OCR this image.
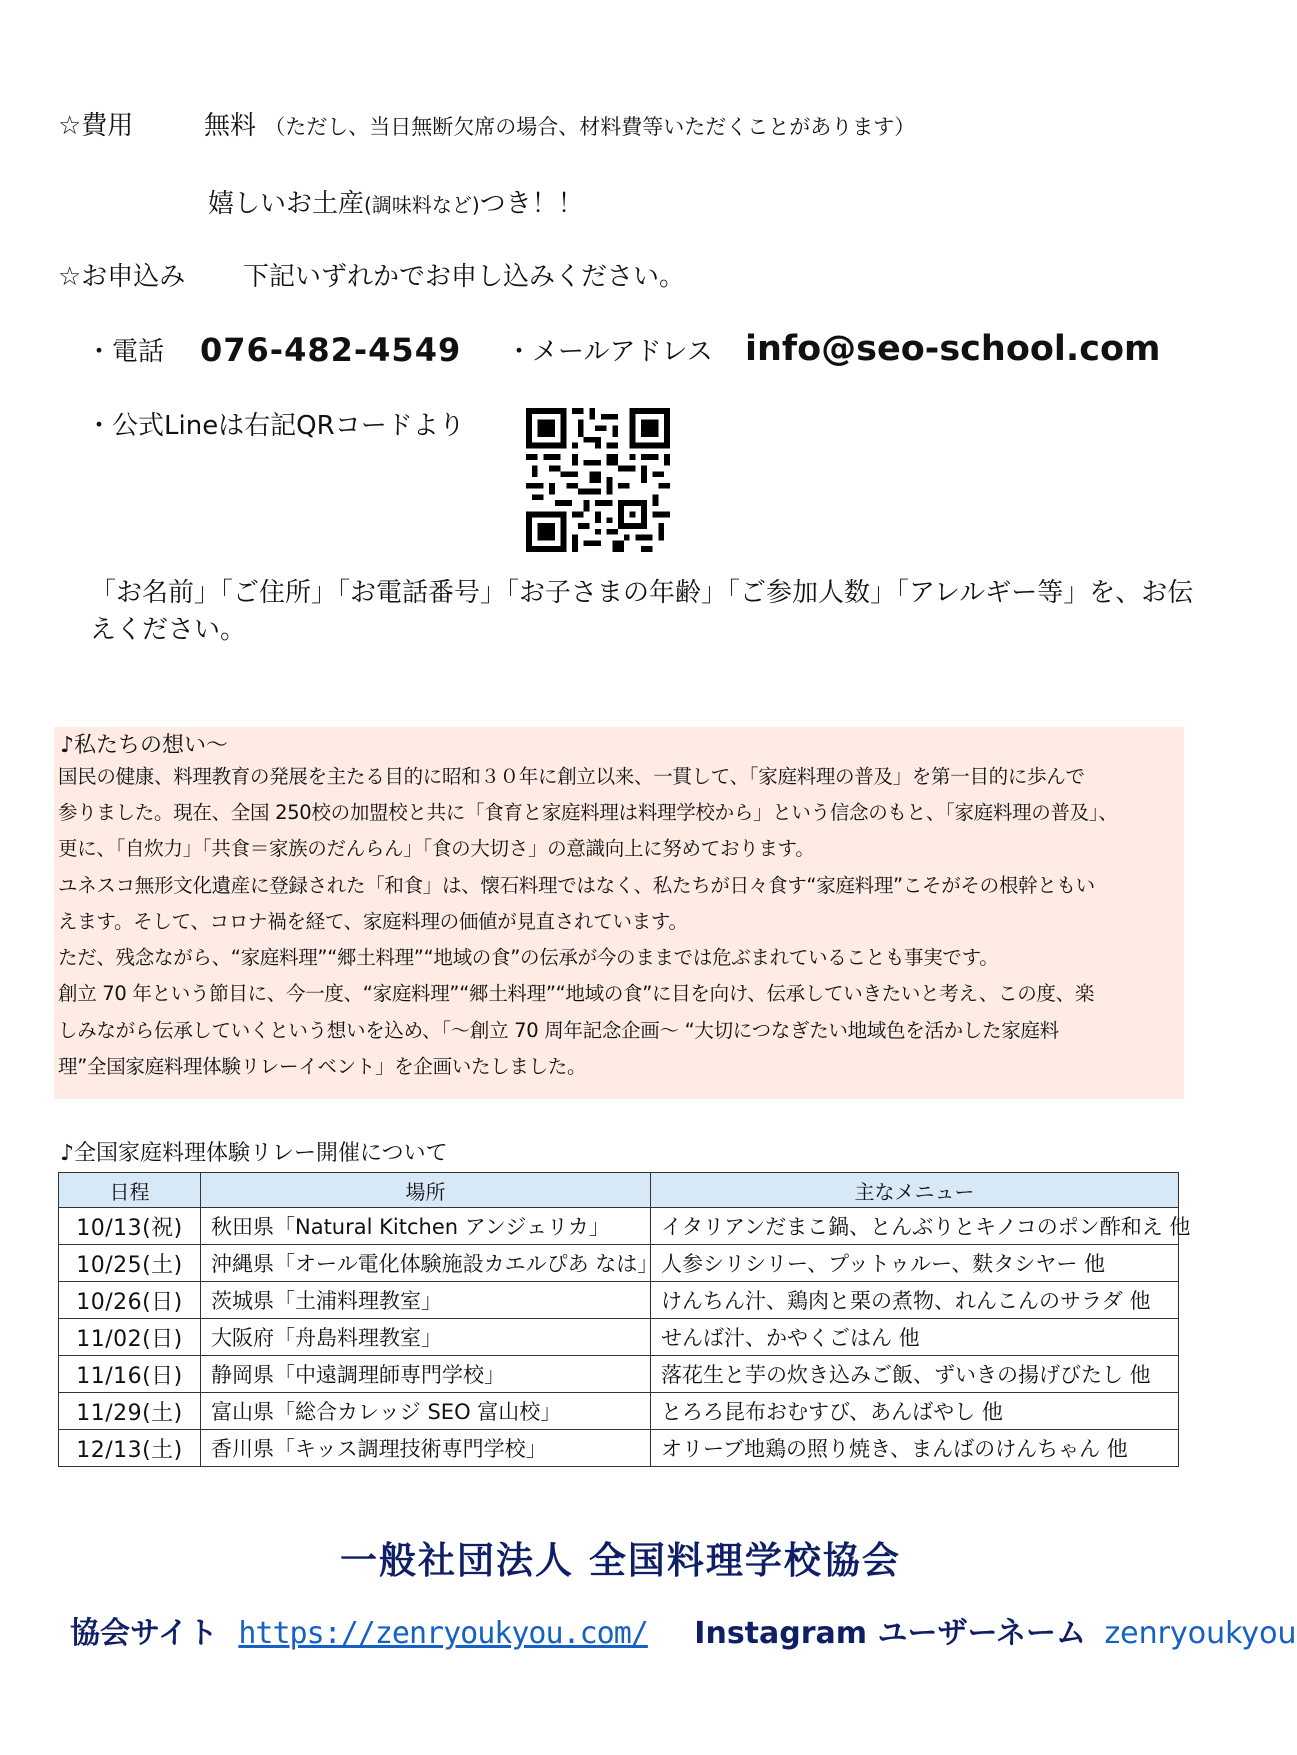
☆費用	無料 （ただし、当日無断欠席の場合、材料費等いただくことがあります）
嬉しいお土産(調味料など)つき！！
☆お申込み 下記いずれかでお申し込みください。
・電話 076-482-4549 ・メールアドレス info@seo-school.com
・公式Lineは右記QRコードより
「お名前」「ご住所」「お電話番号」「お子さまの年齢」「ご参加人数」「アレルギー等」を、お伝
えください。
♪私たちの想い～
国民の健康、料理教育の発展を主たる目的に昭和３０年に創立以来、一貫して、「家庭料理の普及」を第一目的に歩んで
参りました。現在、全国 250校の加盟校と共に「食育と家庭料理は料理学校から」という信念のもと、「家庭料理の普及」、
更に、「自炊力」「共食＝家族のだんらん」「食の大切さ」の意識向上に努めております。
ユネスコ無形文化遺産に登録された「和食」は、懐石料理ではなく、私たちが日々食す“家庭料理”こそがその根幹ともい
えます。そして、コロナ禍を経て、家庭料理の価値が見直されています。
ただ、残念ながら、“家庭料理”“郷土料理”“地域の食”の伝承が今のままでは危ぶまれていることも事実です。
創立 70 年という節目に、今一度、“家庭料理”“郷土料理”“地域の食”に目を向け、伝承していきたいと考え、この度、楽
しみながら伝承していくという想いを込め、「～創立 70 周年記念企画～ “大切につなぎたい地域色を活かした家庭料
理”全国家庭料理体験リレーイベント」を企画いたしました。
♪全国家庭料理体験リレー開催について
日程	場所	主なメニュー
10/13(祝)	秋田県「Natural Kitchen アンジェリカ」	イタリアンだまこ鍋、とんぶりとキノコのポン酢和え 他
10/25(土)	沖縄県「オール電化体験施設カエルぴあ なは」	人参シリシリー、プットゥルー、麩タシヤー 他
10/26(日)	茨城県「土浦料理教室」	けんちん汁、鶏肉と栗の煮物、れんこんのサラダ 他
11/02(日)	大阪府「舟島料理教室」	せんば汁、かやくごはん 他
11/16(日)	静岡県「中遠調理師専門学校」	落花生と芋の炊き込みご飯、ずいきの揚げびたし 他
11/29(土)	富山県「総合カレッジ SEO 富山校」	とろろ昆布おむすび、あんばやし 他
12/13(土)	香川県「キッス調理技術専門学校」	オリーブ地鶏の照り焼き、まんばのけんちゃん 他
一般社団法人 全国料理学校協会
協会サイト https://zenryoukyou.com/ Instagram ユーザーネーム zenryoukyou
